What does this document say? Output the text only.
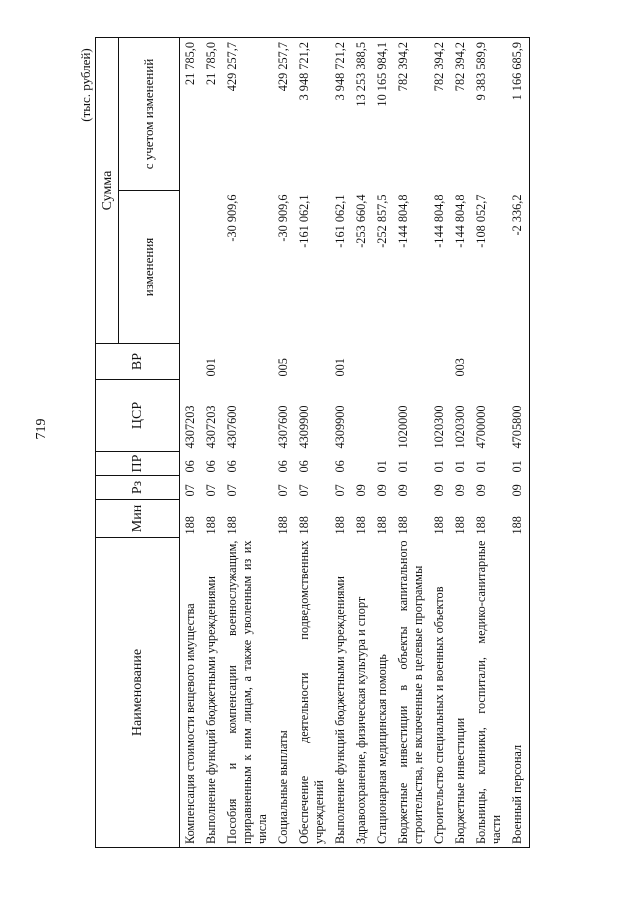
719
(тыс. рублей)
Наименование	Мин	Рз	ПР	ЦСР	ВР	Сумма	
						изменения	с учетом изменений
Компенсация стоимости вещевого имущества	188	07	06	4307203			21 785,0
Выполнение функций бюджетными учреждениями	188	07	06	4307203	001		21 785,0
Пособия и компенсации военнослужащим, приравненным к ним лицам, а также уволенным из их числа	188	07	06	4307600		-30 909,6	429 257,7
Социальные выплаты	188	07	06	4307600	005	-30 909,6	429 257,7
Обеспечение деятельности подведомственных учреждений	188	07	06	4309900		-161 062,1	3 948 721,2
Выполнение функций бюджетными учреждениями	188	07	06	4309900	001	-161 062,1	3 948 721,2
Здравоохранение, физическая культура и спорт	188	09				-253 660,4	13 253 388,5
Стационарная медицинская помощь	188	09	01			-252 857,5	10 165 984,1
Бюджетные инвестиции в объекты капитального строительства, не включенные в целевые программы	188	09	01	1020000		-144 804,8	782 394,2
Строительство специальных и военных объектов	188	09	01	1020300		-144 804,8	782 394,2
Бюджетные инвестиции	188	09	01	1020300	003	-144 804,8	782 394,2
Больницы, клиники, госпитали, медико-санитарные части	188	09	01	4700000		-108 052,7	9 383 589,9
Военный персонал	188	09	01	4705800		-2 336,2	1 166 685,9
